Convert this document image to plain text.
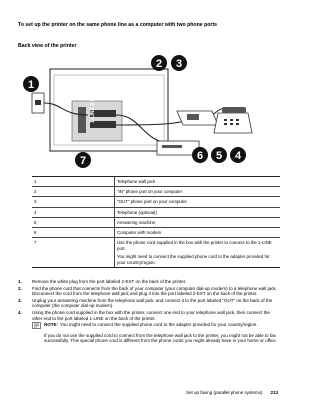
To set up the printer on the same phone line as a computer with two phone ports
Back view of the printer
1-LINE 2-EXT
1
2 3
4
5
6
7
1	Telephone wall jack
2	"IN" phone port on your computer
3	"OUT" phone port on your computer
4	Telephone (optional)
5	Answering machine
6	Computer with modem
7	Use the phone cord supplied in the box with the printer to connect to the 1-LINE port.
You might need to connect the supplied phone cord to the adapter provided for your country/region.
1.	Remove the white plug from the port labeled 2-EXT on the back of the printer.
2.	Find the phone cord that connects from the back of your computer (your computer dial-up modem) to a telephone wall jack. Disconnect the cord from the telephone wall jack and plug it into the port labeled 2-EXT on the back of the printer.
3.	Unplug your answering machine from the telephone wall jack, and connect it to the port labeled "OUT" on the back of the computer (the computer dial-up modem).
4.	Using the phone cord supplied in the box with the printer, connect one end to your telephone wall jack, then connect the other end to the port labeled 1-LINE on the back of the printer.
NOTE: You might need to connect the supplied phone cord to the adapter provided for your country/region.
If you do not use the supplied cord to connect from the telephone wall jack to the printer, you might not be able to fax successfully. This special phone cord is different from the phone cords you might already have in your home or office.
Set up faxing (parallel phone systems) 213
